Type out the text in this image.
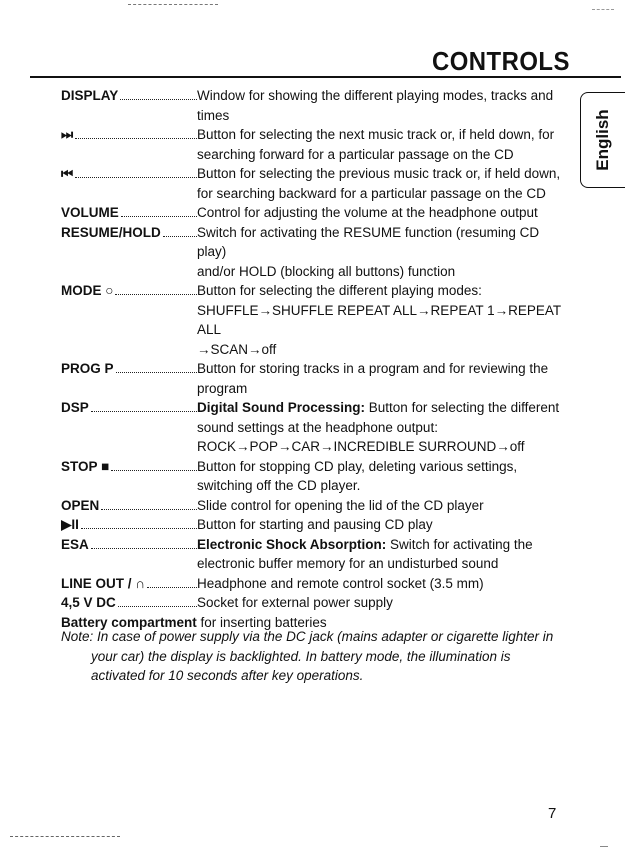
CONTROLS
English
DISPLAY	Window for showing the different playing modes, tracks and
times
⏭	Button for selecting the next music track or, if held down, for
searching forward for a particular passage on the CD
⏮	Button for selecting the previous music track or, if held down,
for searching backward for a particular passage on the CD
VOLUME	Control for adjusting the volume at the headphone output
RESUME/HOLD	Switch for activating the RESUME function (resuming CD play)
and/or HOLD (blocking all buttons) function
MODE ○	Button for selecting the different playing modes:
SHUFFLE→SHUFFLE REPEAT ALL→REPEAT 1→REPEAT ALL
→SCAN→off
PROG P	Button for storing tracks in a program and for reviewing the
program
DSP	Digital Sound Processing: Button for selecting the different
sound settings at the headphone output:
ROCK→POP→CAR→INCREDIBLE SURROUND→off
STOP ■	Button for stopping CD play, deleting various settings,
switching off the CD player.
OPEN	Slide control for opening the lid of the CD player
▶II	Button for starting and pausing CD play
ESA	Electronic Shock Absorption: Switch for activating the
electronic buffer memory for an undisturbed sound
LINE OUT / ∩	Headphone and remote control socket (3.5 mm)
4,5 V DC	Socket for external power supply
Battery compartment for inserting batteries
Note: In case of power supply via the DC jack (mains adapter or cigarette lighter in
your car) the display is backlighted. In battery mode, the illumination is
activated for 10 seconds after key operations.
7
